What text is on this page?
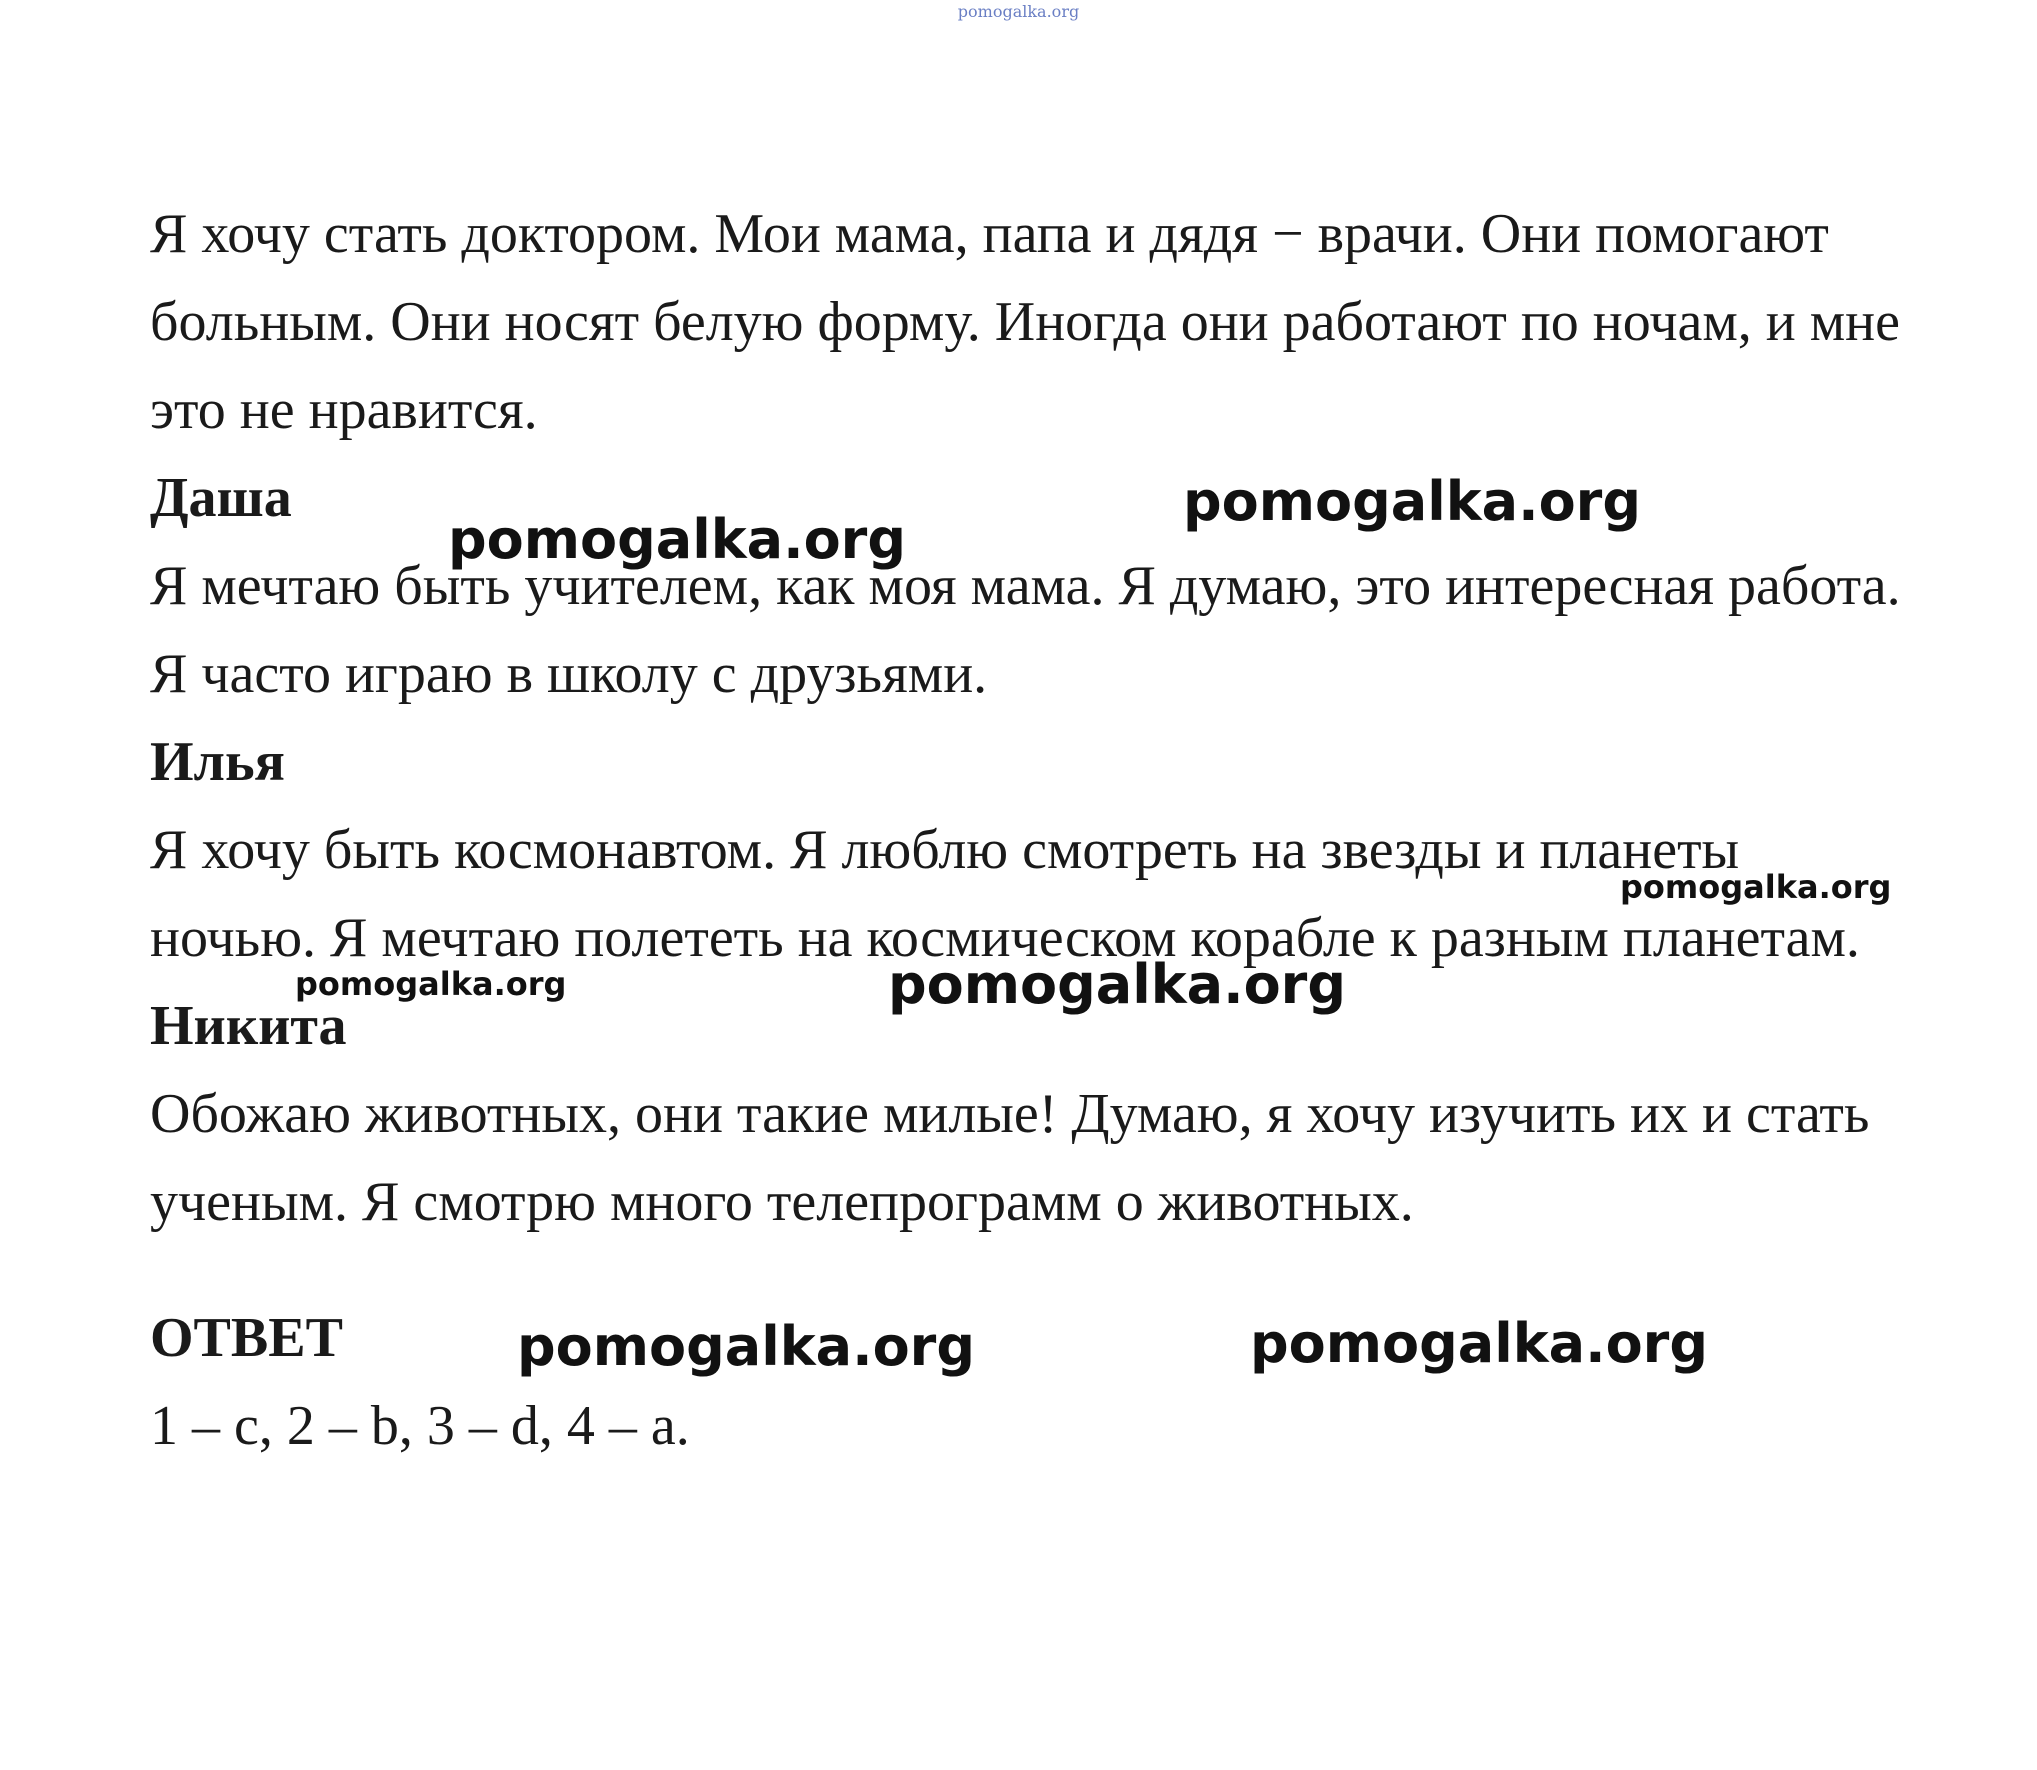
pomogalka.org

Я хочу стать доктором. Мои мама, папа и дядя − врачи. Они помогают больным. Они носят белую форму. Иногда они работают по ночам, и мне это не нравится.

Даша

Я мечтаю быть учителем, как моя мама. Я думаю, это интересная работа. Я часто играю в школу с друзьями.

Илья

Я хочу быть космонавтом. Я люблю смотреть на звезды и планеты ночью. Я мечтаю полететь на космическом корабле к разным планетам.

Никита

Обожаю животных, они такие милые! Думаю, я хочу изучить их и стать ученым. Я смотрю много телепрограмм о животных.

ОТВЕТ

1 – c, 2 – b, 3 – d, 4 – a.

pomogalka.org
pomogalka.org
pomogalka.org
pomogalka.org	pomogalka.org
pomogalka.org	pomogalka.org
